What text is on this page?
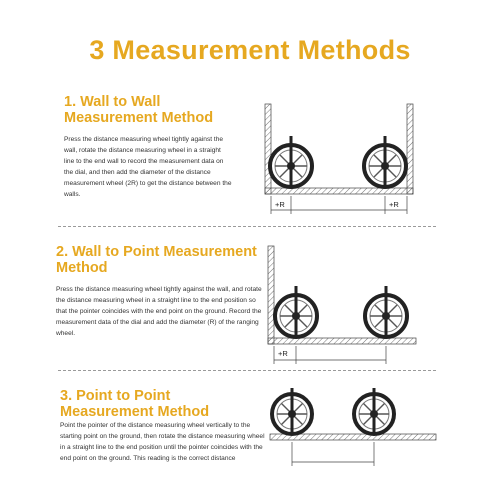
3 Measurement Methods
1. Wall to Wall
Measurement Method
Press the distance measuring wheel tightly against the wall, rotate the distance measuring wheel in a straight line to the end wall to record the measurement data on the dial, and then add the diameter of the distance measurement wheel (2R) to get the distance between the walls.
+R	+R
2. Wall to Point Measurement
Method
Press the distance measuring wheel tightly against the wall, and rotate the distance measuring wheel in a straight line to the end position so that the pointer coincides with the end point on the ground. Record the measurement data of the dial and add the diameter (R) of the ranging wheel.
+R
3. Point to Point
Measurement Method
Point the pointer of the distance measuring wheel vertically to the starting point on the ground, then rotate the distance measuring wheel in a straight line to the end position until the pointer coincides with the end point on the ground. This reading is the correct distance
